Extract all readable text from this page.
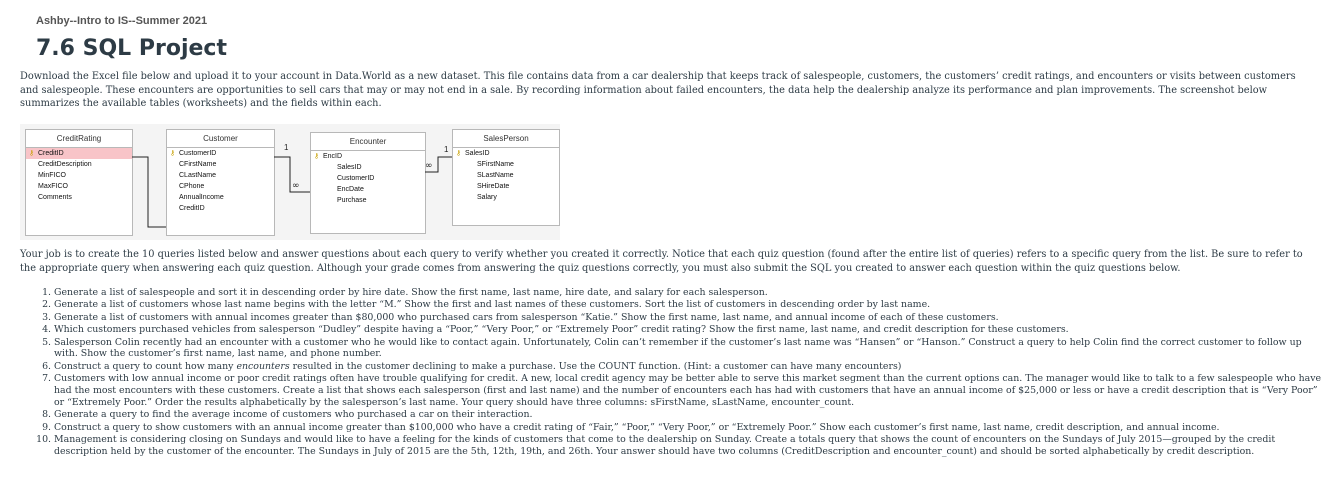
Ashby--Intro to IS--Summer 2021
7.6 SQL Project

Download the Excel file below and upload it to your account in Data.World as a new dataset. This file contains data from a car dealership that keeps track of salespeople, customers, the customers’ credit ratings, and encounters or visits between customers and salespeople. These encounters are opportunities to sell cars that may or may not end in a sale. By recording information about failed encounters, the data help the dealership analyze its performance and plan improvements. The screenshot below summarizes the available tables (worksheets) and the fields within each.

CreditRating
⚷ CreditID
CreditDescription
MinFICO
MaxFICO
Comments
Customer
⚷ CustomerID
CFirstName
CLastName
CPhone
AnnualIncome
CreditID
Encounter
⚷ EncID
SalesID
CustomerID
EncDate
Purchase
SalesPerson
⚷ SalesID
SFirstName
SLastName
SHireDate
Salary
1
∞
∞
1

Your job is to create the 10 queries listed below and answer questions about each query to verify whether you created it correctly. Notice that each quiz question (found after the entire list of queries) refers to a specific query from the list. Be sure to refer to the appropriate query when answering each quiz question. Although your grade comes from answering the quiz questions correctly, you must also submit the SQL you created to answer each question within the quiz questions below.

1. Generate a list of salespeople and sort it in descending order by hire date. Show the first name, last name, hire date, and salary for each salesperson.
2. Generate a list of customers whose last name begins with the letter “M.” Show the first and last names of these customers. Sort the list of customers in descending order by last name.
3. Generate a list of customers with annual incomes greater than $80,000 who purchased cars from salesperson “Katie.” Show the first name, last name, and annual income of each of these customers.
4. Which customers purchased vehicles from salesperson “Dudley” despite having a “Poor,” “Very Poor,” or “Extremely Poor” credit rating? Show the first name, last name, and credit description for these customers.
5. Salesperson Colin recently had an encounter with a customer who he would like to contact again. Unfortunately, Colin can’t remember if the customer’s last name was “Hansen” or “Hanson.” Construct a query to help Colin find the correct customer to follow up with. Show the customer’s first name, last name, and phone number.
6. Construct a query to count how many encounters resulted in the customer declining to make a purchase. Use the COUNT function. (Hint: a customer can have many encounters)
7. Customers with low annual income or poor credit ratings often have trouble qualifying for credit. A new, local credit agency may be better able to serve this market segment than the current options can. The manager would like to talk to a few salespeople who have had the most encounters with these customers. Create a list that shows each salesperson (first and last name) and the number of encounters each has had with customers that have an annual income of $25,000 or less or have a credit description that is “Very Poor” or “Extremely Poor.” Order the results alphabetically by the salesperson’s last name. Your query should have three columns: sFirstName, sLastName, encounter_count.
8. Generate a query to find the average income of customers who purchased a car on their interaction.
9. Construct a query to show customers with an annual income greater than $100,000 who have a credit rating of “Fair,” “Poor,” “Very Poor,” or “Extremely Poor.” Show each customer’s first name, last name, credit description, and annual income.
10. Management is considering closing on Sundays and would like to have a feeling for the kinds of customers that come to the dealership on Sunday. Create a totals query that shows the count of encounters on the Sundays of July 2015—grouped by the credit description held by the customer of the encounter. The Sundays in July of 2015 are the 5th, 12th, 19th, and 26th. Your answer should have two columns (CreditDescription and encounter_count) and should be sorted alphabetically by credit description.
